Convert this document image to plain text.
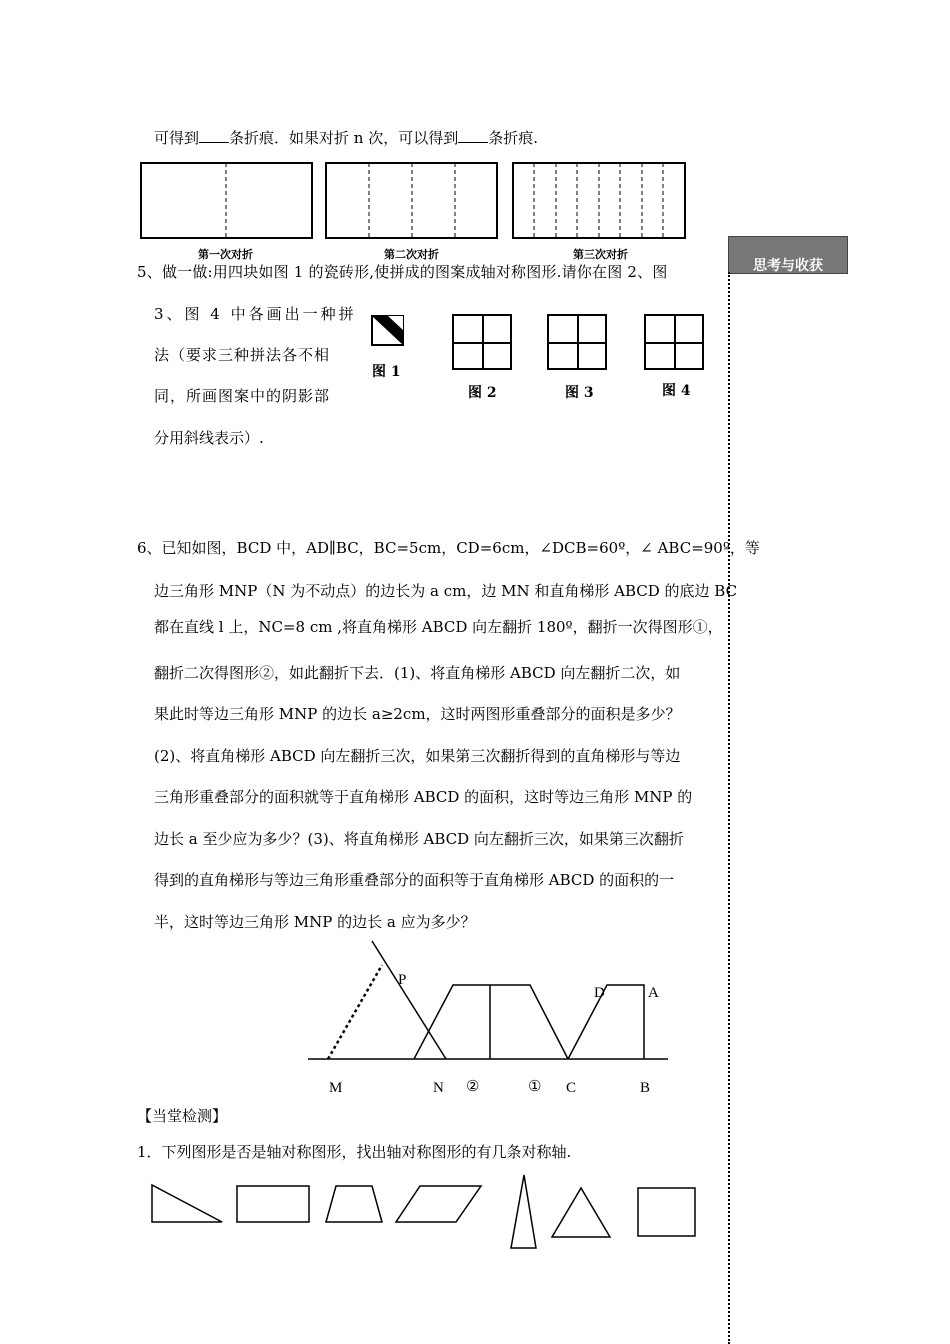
可得到 条折痕．如果对折 n 次，可以得到 条折痕.
第一次对折	第二次对折	第三次对折
思考与收获
5、做一做:用四块如图 1 的瓷砖形,使拼成的图案成轴对称图形.请你在图 2、图
3、图 4 中各画出一种拼
法（要求三种拼法各不相
同，所画图案中的阴影部
分用斜线表示）.
图 1
图 2	图 3	图 4
6、已知如图，BCD 中，AD∥BC，BC=5cm，CD=6cm，∠DCB=60º，∠ ABC=90º，等
边三角形 MNP（N 为不动点）的边长为 a cm，边 MN 和直角梯形 ABCD 的底边 BC
都在直线 l 上，NC=8 cm ,将直角梯形 ABCD 向左翻折 180º，翻折一次得图形①，
翻折二次得图形②，如此翻折下去．(1)、将直角梯形 ABCD 向左翻折二次，如
果此时等边三角形 MNP 的边长 a≥2cm，这时两图形重叠部分的面积是多少？
(2)、将直角梯形 ABCD 向左翻折三次，如果第三次翻折得到的直角梯形与等边
三角形重叠部分的面积就等于直角梯形 ABCD 的面积，这时等边三角形 MNP 的
边长 a 至少应为多少？(3)、将直角梯形 ABCD 向左翻折三次，如果第三次翻折
得到的直角梯形与等边三角形重叠部分的面积等于直角梯形 ABCD 的面积的一
半，这时等边三角形 MNP 的边长 a 应为多少？
P
D	A
M	N ②	① C	B
【当堂检测】
1．下列图形是否是轴对称图形，找出轴对称图形的有几条对称轴.
